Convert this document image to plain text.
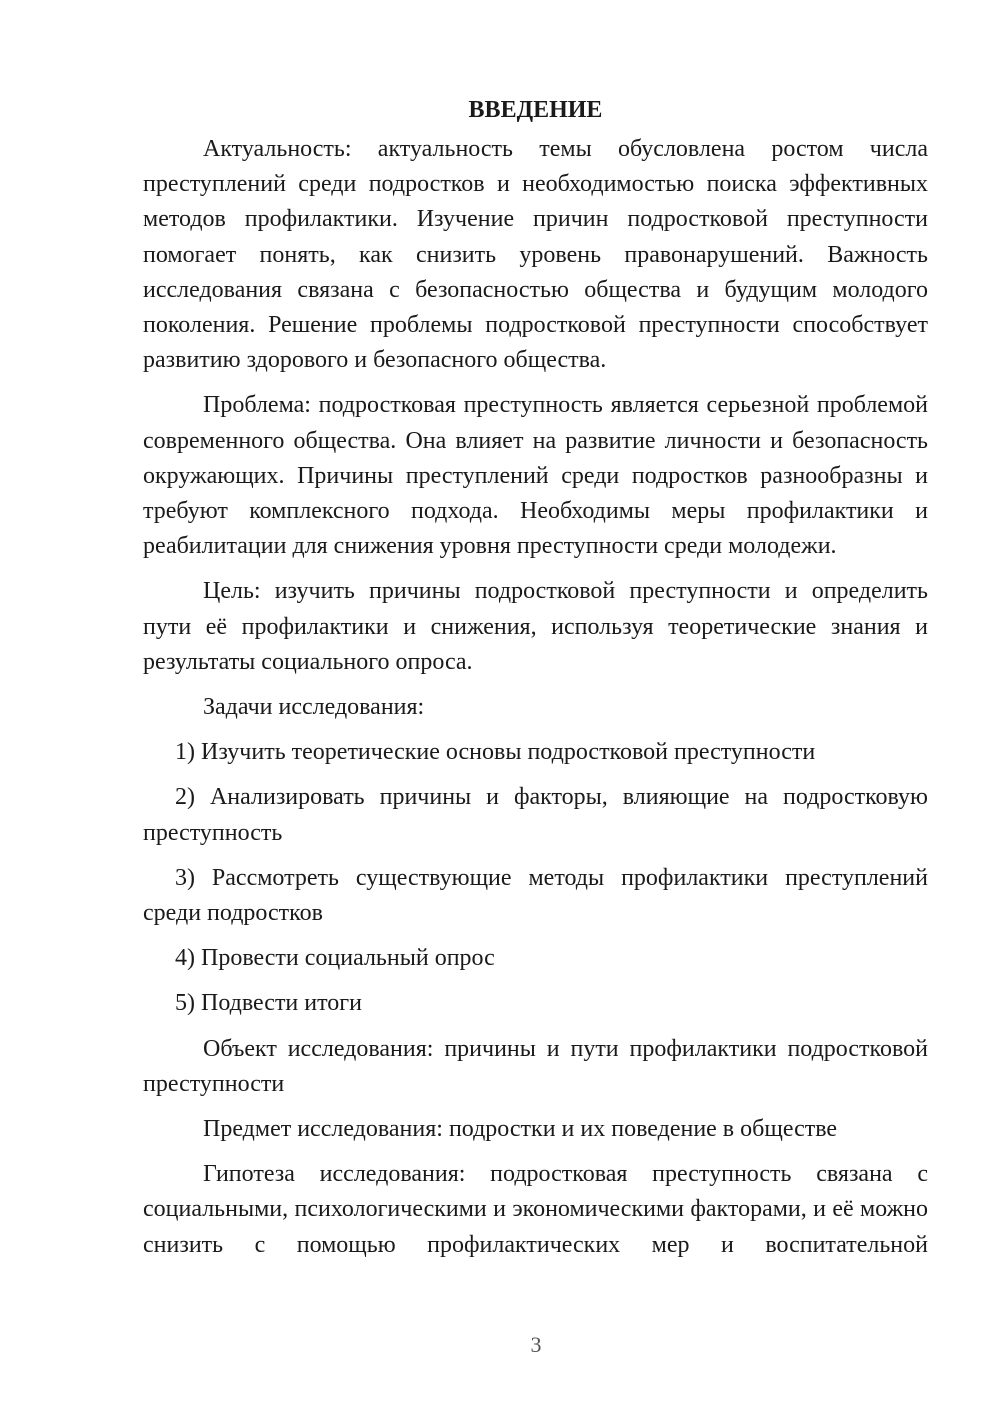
ВВЕДЕНИЕ

Актуальность: актуальность темы обусловлена ростом числа преступлений среди подростков и необходимостью поиска эффективных методов профилактики. Изучение причин подростковой преступности помогает понять, как снизить уровень правонарушений. Важность исследования связана с безопасностью общества и будущим молодого поколения. Решение проблемы подростковой преступности способствует развитию здорового и безопасного общества.

Проблема: подростковая преступность является серьезной проблемой современного общества. Она влияет на развитие личности и безопасность окружающих. Причины преступлений среди подростков разнообразны и требуют комплексного подхода. Необходимы меры профилактики и реабилитации для снижения уровня преступности среди молодежи.

Цель: изучить причины подростковой преступности и определить пути её профилактики и снижения, используя теоретические знания и результаты социального опроса.

Задачи исследования:

1) Изучить теоретические основы подростковой преступности

2) Анализировать причины и факторы, влияющие на подростковую преступность

3) Рассмотреть существующие методы профилактики преступлений среди подростков

4) Провести социальный опрос

5) Подвести итоги

Объект исследования: причины и пути профилактики подростковой преступности

Предмет исследования: подростки и их поведение в обществе

Гипотеза исследования: подростковая преступность связана с социальными, психологическими и экономическими факторами, и её можно снизить с помощью профилактических мер и воспитательной

3
